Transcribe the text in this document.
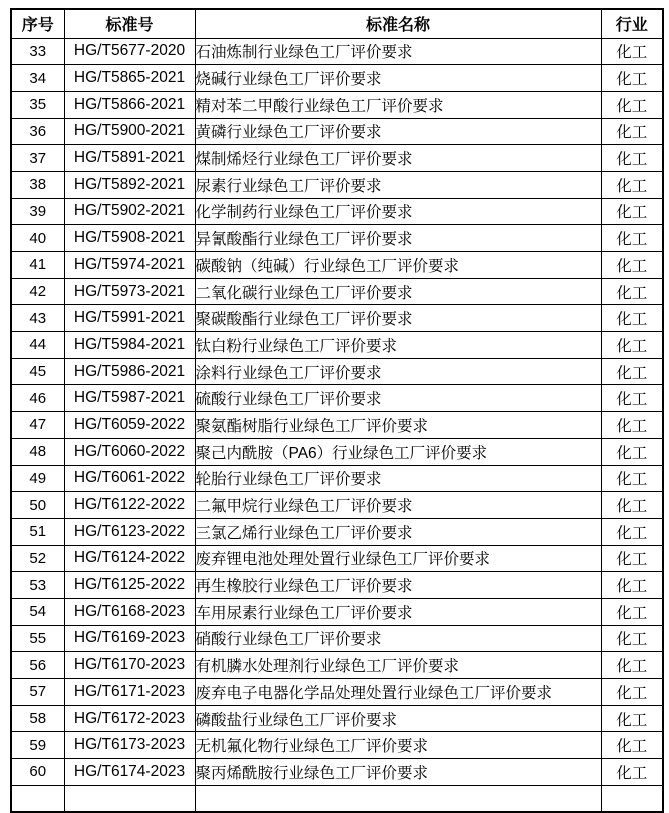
序号	标准号	标准名称	行业
33	HG/T5677-2020	石油炼制行业绿色工厂评价要求	化工
34	HG/T5865-2021	烧碱行业绿色工厂评价要求	化工
35	HG/T5866-2021	精对苯二甲酸行业绿色工厂评价要求	化工
36	HG/T5900-2021	黄磷行业绿色工厂评价要求	化工
37	HG/T5891-2021	煤制烯烃行业绿色工厂评价要求	化工
38	HG/T5892-2021	尿素行业绿色工厂评价要求	化工
39	HG/T5902-2021	化学制药行业绿色工厂评价要求	化工
40	HG/T5908-2021	异氰酸酯行业绿色工厂评价要求	化工
41	HG/T5974-2021	碳酸钠（纯碱）行业绿色工厂评价要求	化工
42	HG/T5973-2021	二氧化碳行业绿色工厂评价要求	化工
43	HG/T5991-2021	聚碳酸酯行业绿色工厂评价要求	化工
44	HG/T5984-2021	钛白粉行业绿色工厂评价要求	化工
45	HG/T5986-2021	涂料行业绿色工厂评价要求	化工
46	HG/T5987-2021	硫酸行业绿色工厂评价要求	化工
47	HG/T6059-2022	聚氨酯树脂行业绿色工厂评价要求	化工
48	HG/T6060-2022	聚己内酰胺（PA6）行业绿色工厂评价要求	化工
49	HG/T6061-2022	轮胎行业绿色工厂评价要求	化工
50	HG/T6122-2022	二氟甲烷行业绿色工厂评价要求	化工
51	HG/T6123-2022	三氯乙烯行业绿色工厂评价要求	化工
52	HG/T6124-2022	废弃锂电池处理处置行业绿色工厂评价要求	化工
53	HG/T6125-2022	再生橡胶行业绿色工厂评价要求	化工
54	HG/T6168-2023	车用尿素行业绿色工厂评价要求	化工
55	HG/T6169-2023	硝酸行业绿色工厂评价要求	化工
56	HG/T6170-2023	有机膦水处理剂行业绿色工厂评价要求	化工
57	HG/T6171-2023	废弃电子电器化学品处理处置行业绿色工厂评价要求	化工
58	HG/T6172-2023	磷酸盐行业绿色工厂评价要求	化工
59	HG/T6173-2023	无机氟化物行业绿色工厂评价要求	化工
60	HG/T6174-2023	聚丙烯酰胺行业绿色工厂评价要求	化工
